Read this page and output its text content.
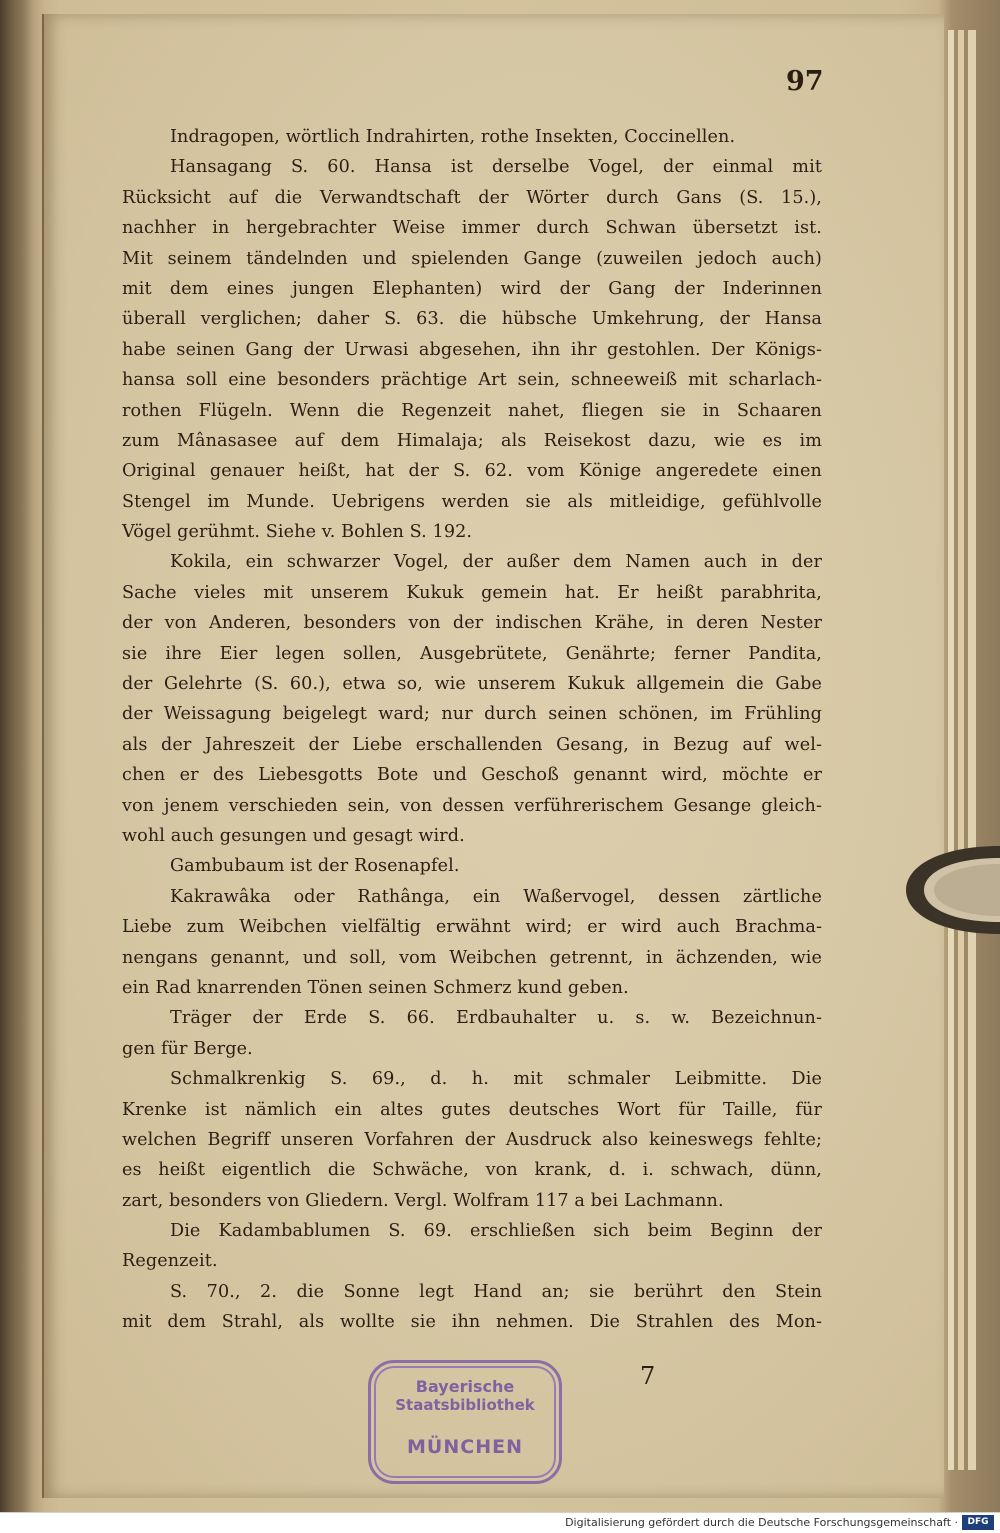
97
Indragopen, wörtlich Indrahirten, rothe Insekten, Coccinellen.
Hansagang S. 60. Hansa ist derselbe Vogel, der einmal mit
Rücksicht auf die Verwandtschaft der Wörter durch Gans (S. 15.),
nachher in hergebrachter Weise immer durch Schwan übersetzt ist.
Mit seinem tändelnden und spielenden Gange (zuweilen jedoch auch)
mit dem eines jungen Elephanten) wird der Gang der Inderinnen
überall verglichen; daher S. 63. die hübsche Umkehrung, der Hansa
habe seinen Gang der Urwasi abgesehen, ihn ihr gestohlen. Der Königs-
hansa soll eine besonders prächtige Art sein, schneeweiß mit scharlach-
rothen Flügeln. Wenn die Regenzeit nahet, fliegen sie in Schaaren
zum Mânasasee auf dem Himalaja; als Reisekost dazu, wie es im
Original genauer heißt, hat der S. 62. vom Könige angeredete einen
Stengel im Munde. Uebrigens werden sie als mitleidige, gefühlvolle
Vögel gerühmt. Siehe v. Bohlen S. 192.
Kokila, ein schwarzer Vogel, der außer dem Namen auch in der
Sache vieles mit unserem Kukuk gemein hat. Er heißt parabhrita,
der von Anderen, besonders von der indischen Krähe, in deren Nester
sie ihre Eier legen sollen, Ausgebrütete, Genährte; ferner Pandita,
der Gelehrte (S. 60.), etwa so, wie unserem Kukuk allgemein die Gabe
der Weissagung beigelegt ward; nur durch seinen schönen, im Frühling
als der Jahreszeit der Liebe erschallenden Gesang, in Bezug auf wel-
chen er des Liebesgotts Bote und Geschoß genannt wird, möchte er
von jenem verschieden sein, von dessen verführerischem Gesange gleich-
wohl auch gesungen und gesagt wird.
Gambubaum ist der Rosenapfel.
Kakrawâka oder Rathânga, ein Waßervogel, dessen zärtliche
Liebe zum Weibchen vielfältig erwähnt wird; er wird auch Brachma-
nengans genannt, und soll, vom Weibchen getrennt, in ächzenden, wie
ein Rad knarrenden Tönen seinen Schmerz kund geben.
Träger der Erde S. 66. Erdbauhalter u. s. w. Bezeichnun-
gen für Berge.
Schmalkrenkig S. 69., d. h. mit schmaler Leibmitte. Die
Krenke ist nämlich ein altes gutes deutsches Wort für Taille, für
welchen Begriff unseren Vorfahren der Ausdruck also keineswegs fehlte;
es heißt eigentlich die Schwäche, von krank, d. i. schwach, dünn,
zart, besonders von Gliedern. Vergl. Wolfram 117 a bei Lachmann.
Die Kadambablumen S. 69. erschließen sich beim Beginn der
Regenzeit.
S. 70., 2. die Sonne legt Hand an; sie berührt den Stein
mit dem Strahl, als wollte sie ihn nehmen. Die Strahlen des Mon-
7
Bayerische
Staatsbibliothek
MÜNCHEN
Digitalisierung gefördert durch die Deutsche Forschungsgemeinschaft ·	DFG
